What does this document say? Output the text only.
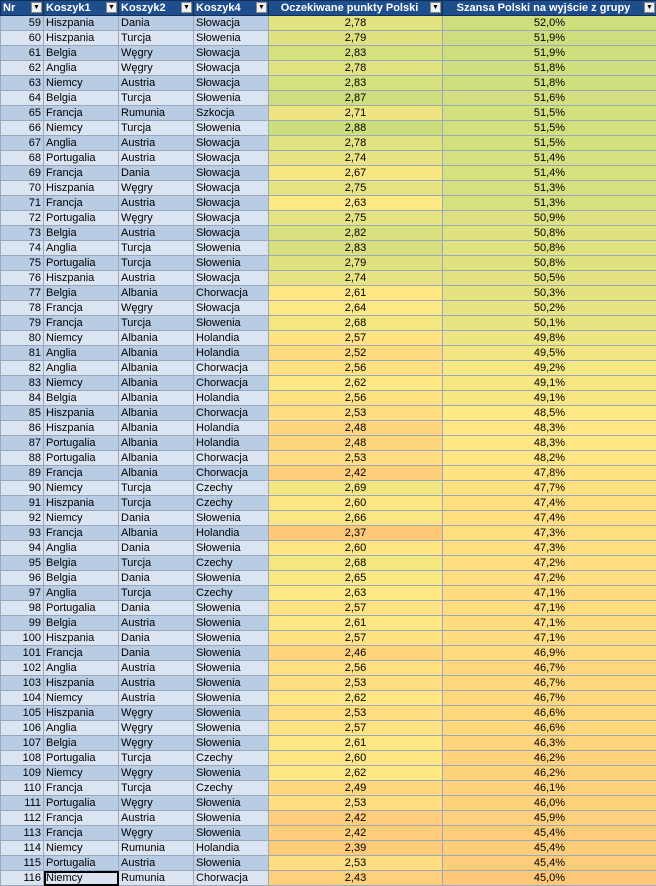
Nr ▼	Koszyk1 ▼	Koszyk2 ▼	Koszyk4 ▼	Oczekiwane punkty Polski ▼	Szansa Polski na wyjście z grupy ▼

59	Hiszpania	Dania	Słowacja	2,78	52,0%
60	Hiszpania	Turcja	Słowenia	2,79	51,9%
61	Belgia	Węgry	Słowacja	2,83	51,9%
62	Anglia	Węgry	Słowacja	2,78	51,8%
63	Niemcy	Austria	Słowacja	2,83	51,8%
64	Belgia	Turcja	Słowenia	2,87	51,6%
65	Francja	Rumunia	Szkocja	2,71	51,5%
66	Niemcy	Turcja	Słowenia	2,88	51,5%
67	Anglia	Austria	Słowacja	2,78	51,5%
68	Portugalia	Austria	Słowacja	2,74	51,4%
69	Francja	Dania	Słowacja	2,67	51,4%
70	Hiszpania	Węgry	Słowacja	2,75	51,3%
71	Francja	Austria	Słowacja	2,63	51,3%
72	Portugalia	Węgry	Słowacja	2,75	50,9%
73	Belgia	Austria	Słowacja	2,82	50,8%
74	Anglia	Turcja	Słowenia	2,83	50,8%
75	Portugalia	Turcja	Słowenia	2,79	50,8%
76	Hiszpania	Austria	Słowacja	2,74	50,5%
77	Belgia	Albania	Chorwacja	2,61	50,3%
78	Francja	Węgry	Słowacja	2,64	50,2%
79	Francja	Turcja	Słowenia	2,68	50,1%
80	Niemcy	Albania	Holandia	2,57	49,8%
81	Anglia	Albania	Holandia	2,52	49,5%
82	Anglia	Albania	Chorwacja	2,56	49,2%
83	Niemcy	Albania	Chorwacja	2,62	49,1%
84	Belgia	Albania	Holandia	2,56	49,1%
85	Hiszpania	Albania	Chorwacja	2,53	48,5%
86	Hiszpania	Albania	Holandia	2,48	48,3%
87	Portugalia	Albania	Holandia	2,48	48,3%
88	Portugalia	Albania	Chorwacja	2,53	48,2%
89	Francja	Albania	Chorwacja	2,42	47,8%
90	Niemcy	Turcja	Czechy	2,69	47,7%
91	Hiszpania	Turcja	Czechy	2,60	47,4%
92	Niemcy	Dania	Słowenia	2,66	47,4%
93	Francja	Albania	Holandia	2,37	47,3%
94	Anglia	Dania	Słowenia	2,60	47,3%
95	Belgia	Turcja	Czechy	2,68	47,2%
96	Belgia	Dania	Słowenia	2,65	47,2%
97	Anglia	Turcja	Czechy	2,63	47,1%
98	Portugalia	Dania	Słowenia	2,57	47,1%
99	Belgia	Austria	Słowenia	2,61	47,1%
100	Hiszpania	Dania	Słowenia	2,57	47,1%
101	Francja	Dania	Słowenia	2,46	46,9%
102	Anglia	Austria	Słowenia	2,56	46,7%
103	Hiszpania	Austria	Słowenia	2,53	46,7%
104	Niemcy	Austria	Słowenia	2,62	46,7%
105	Hiszpania	Węgry	Słowenia	2,53	46,6%
106	Anglia	Węgry	Słowenia	2,57	46,6%
107	Belgia	Węgry	Słowenia	2,61	46,3%
108	Portugalia	Turcja	Czechy	2,60	46,2%
109	Niemcy	Węgry	Słowenia	2,62	46,2%
110	Francja	Turcja	Czechy	2,49	46,1%
111	Portugalia	Węgry	Słowenia	2,53	46,0%
112	Francja	Austria	Słowenia	2,42	45,9%
113	Francja	Węgry	Słowenia	2,42	45,4%
114	Niemcy	Rumunia	Holandia	2,39	45,4%
115	Portugalia	Austria	Słowenia	2,53	45,4%
116	Niemcy	Rumunia	Chorwacja	2,43	45,0%
